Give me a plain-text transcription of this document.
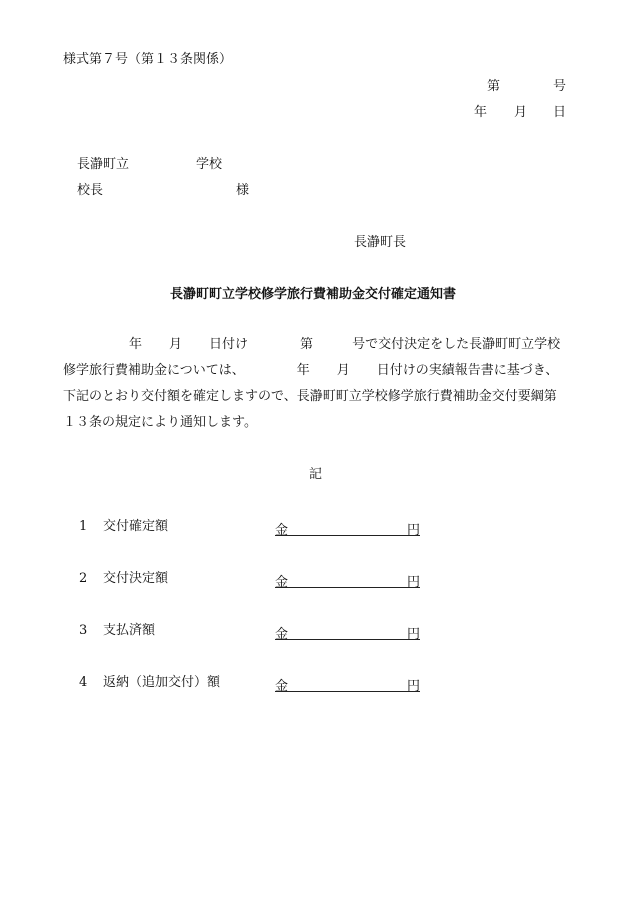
様式第７号（第１３条関係）
第	号
年 月 日
長瀞町立	学校
校長	様
長瀞町長
長瀞町町立学校修学旅行費補助金交付確定通知書
年 月 日付け	第	号で交付決定をした長瀞町町立学校
修学旅行費補助金については、	年 月 日付けの実績報告書に基づき、
下記のとおり交付額を確定しますので、長瀞町町立学校修学旅行費補助金交付要綱第
１３条の規定により通知します。
記
1 交付確定額	金	円
2 交付決定額	金	円
3 支払済額	金	円
4 返納（追加交付）額	金	円
